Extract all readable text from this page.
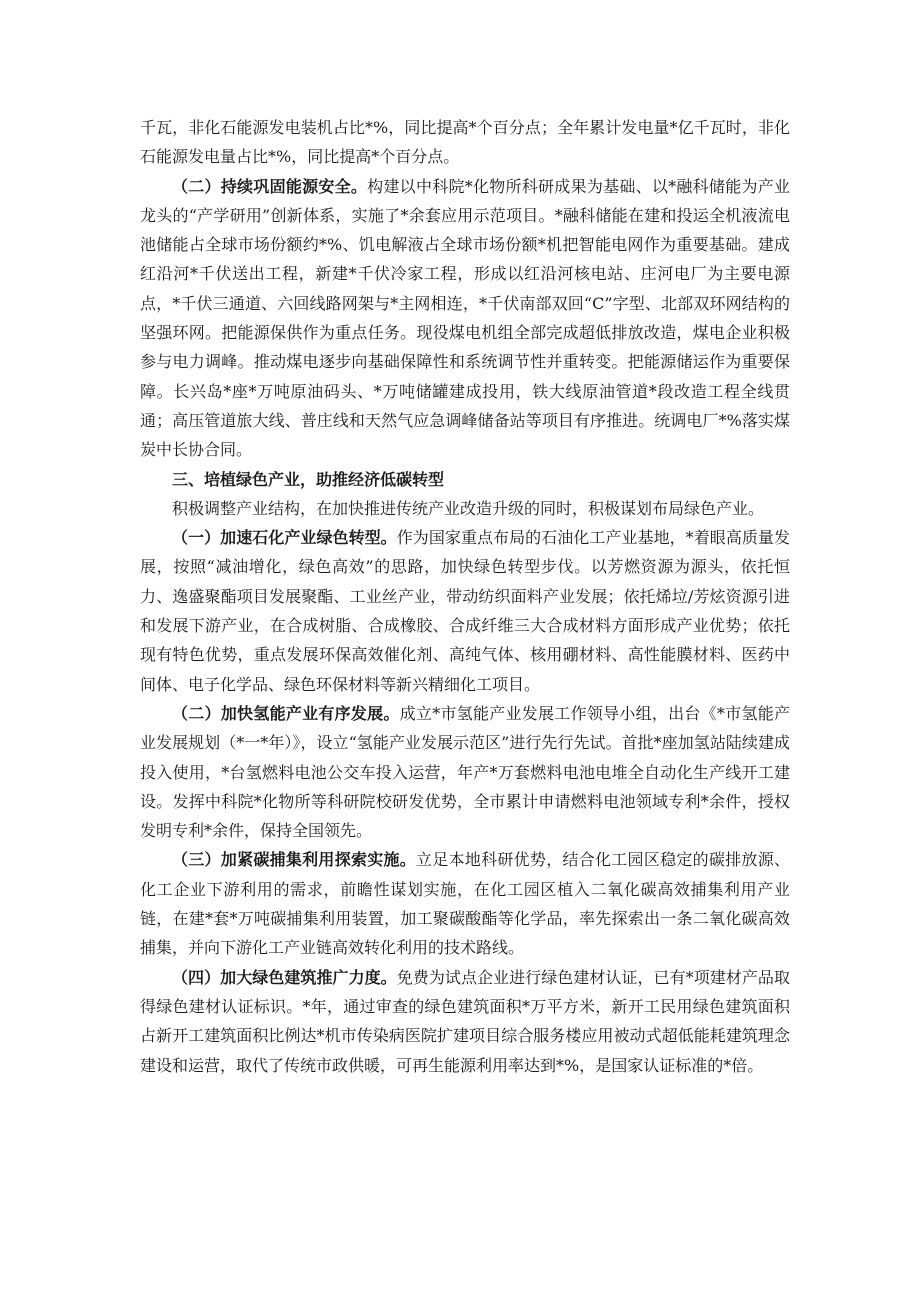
千瓦，非化石能源发电装机占比*%，同比提高*个百分点；全年累计发电量*亿千瓦时，非化石能源发电量占比*%，同比提高*个百分点。

（二）持续巩固能源安全。构建以中科院*化物所科研成果为基础、以*融科储能为产业龙头的“产学研用”创新体系，实施了*余套应用示范项目。*融科储能在建和投运全机液流电池储能占全球市场份额约*%、饥电解液占全球市场份额*机把智能电网作为重要基础。建成红沿河*千伏送出工程，新建*千伏冷家工程，形成以红沿河核电站、庄河电厂为主要电源点，*千伏三通道、六回线路网架与*主网相连，*千伏南部双回“C”字型、北部双环网结构的坚强环网。把能源保供作为重点任务。现役煤电机组全部完成超低排放改造，煤电企业积极参与电力调峰。推动煤电逐步向基础保障性和系统调节性并重转变。把能源储运作为重要保障。长兴岛*座*万吨原油码头、*万吨储罐建成投用，铁大线原油管道*段改造工程全线贯通；高压管道旅大线、普庄线和天然气应急调峰储备站等项目有序推进。统调电厂*%落实煤炭中长协合同。

三、培植绿色产业，助推经济低碳转型

积极调整产业结构，在加快推进传统产业改造升级的同时，积极谋划布局绿色产业。

（一）加速石化产业绿色转型。作为国家重点布局的石油化工产业基地，*着眼高质量发展，按照“减油增化，绿色高效”的思路，加快绿色转型步伐。以芳燃资源为源头，依托恒力、逸盛聚酯项目发展聚酯、工业丝产业，带动纺织面料产业发展；依托烯垃/芳炫资源引进和发展下游产业，在合成树脂、合成橡胶、合成纤维三大合成材料方面形成产业优势；依托现有特色优势，重点发展环保高效催化剂、高纯气体、核用硼材料、高性能膜材料、医药中间体、电子化学品、绿色环保材料等新兴精细化工项目。

（二）加快氢能产业有序发展。成立*市氢能产业发展工作领导小组，出台《*市氢能产业发展规划（*一*年）》，设立“氢能产业发展示范区”进行先行先试。首批*座加氢站陆续建成投入使用，*台氢燃料电池公交车投入运营，年产*万套燃料电池电堆全自动化生产线开工建设。发挥中科院*化物所等科研院校研发优势，全市累计申请燃料电池领域专利*余件，授权发明专利*余件，保持全国领先。

（三）加紧碳捕集利用探索实施。立足本地科研优势，结合化工园区稳定的碳排放源、化工企业下游利用的需求，前瞻性谋划实施，在化工园区植入二氧化碳高效捕集利用产业链，在建*套*万吨碳捕集利用装置，加工聚碳酸酯等化学品，率先探索出一条二氧化碳高效捕集，并向下游化工产业链高效转化利用的技术路线。

（四）加大绿色建筑推广力度。免费为试点企业进行绿色建材认证，已有*项建材产品取得绿色建材认证标识。*年，通过审查的绿色建筑面积*万平方米，新开工民用绿色建筑面积占新开工建筑面积比例达*机市传染病医院扩建项目综合服务楼应用被动式超低能耗建筑理念建设和运营，取代了传统市政供暖，可再生能源利用率达到*%，是国家认证标准的*倍。
